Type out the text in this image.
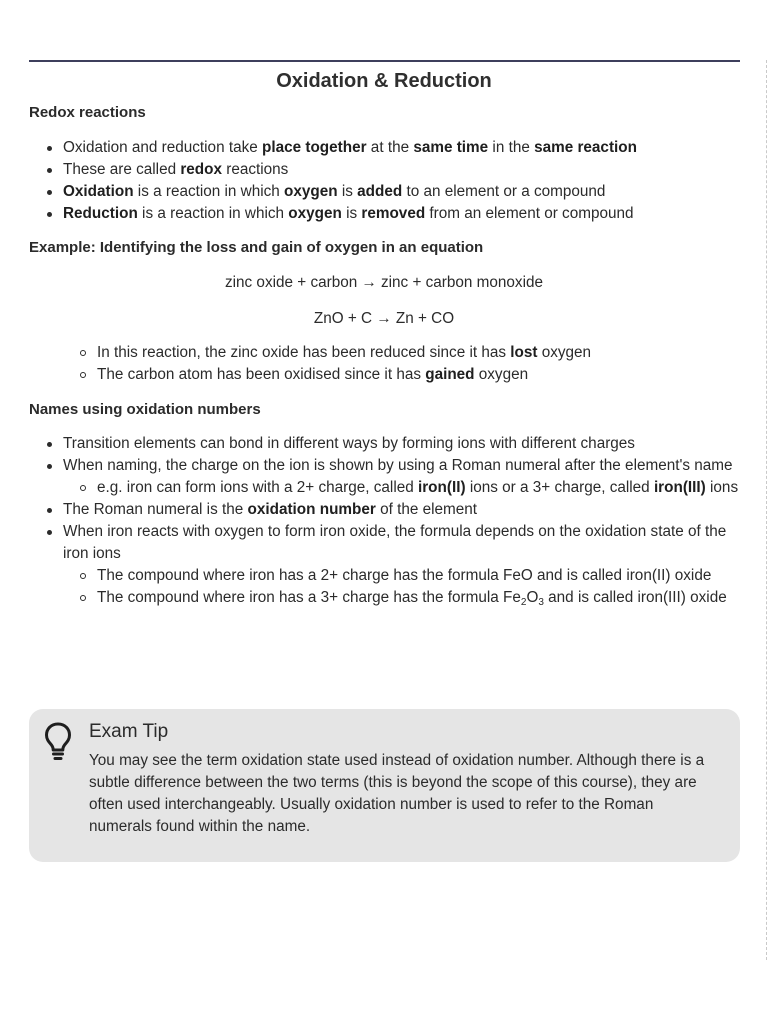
Oxidation & Reduction
Redox reactions
Oxidation and reduction take place together at the same time in the same reaction
These are called redox reactions
Oxidation is a reaction in which oxygen is added to an element or a compound
Reduction is a reaction in which oxygen is removed from an element or compound
Example: Identifying the loss and gain of oxygen in an equation
zinc oxide + carbon → zinc + carbon monoxide
ZnO + C → Zn + CO
In this reaction, the zinc oxide has been reduced since it has lost oxygen
The carbon atom has been oxidised since it has gained oxygen
Names using oxidation numbers
Transition elements can bond in different ways by forming ions with different charges
When naming, the charge on the ion is shown by using a Roman numeral after the element's name
e.g. iron can form ions with a 2+ charge, called iron(II) ions or a 3+ charge, called iron(III) ions
The Roman numeral is the oxidation number of the element
When iron reacts with oxygen to form iron oxide, the formula depends on the oxidation state of the iron ions
The compound where iron has a 2+ charge has the formula FeO and is called iron(II) oxide
The compound where iron has a 3+ charge has the formula $Fe_2O_3$ and is called iron(III) oxide
Exam Tip
You may see the term oxidation state used instead of oxidation number. Although there is a subtle difference between the two terms (this is beyond the scope of this course), they are often used interchangeably. Usually oxidation number is used to refer to the Roman numerals found within the name.
